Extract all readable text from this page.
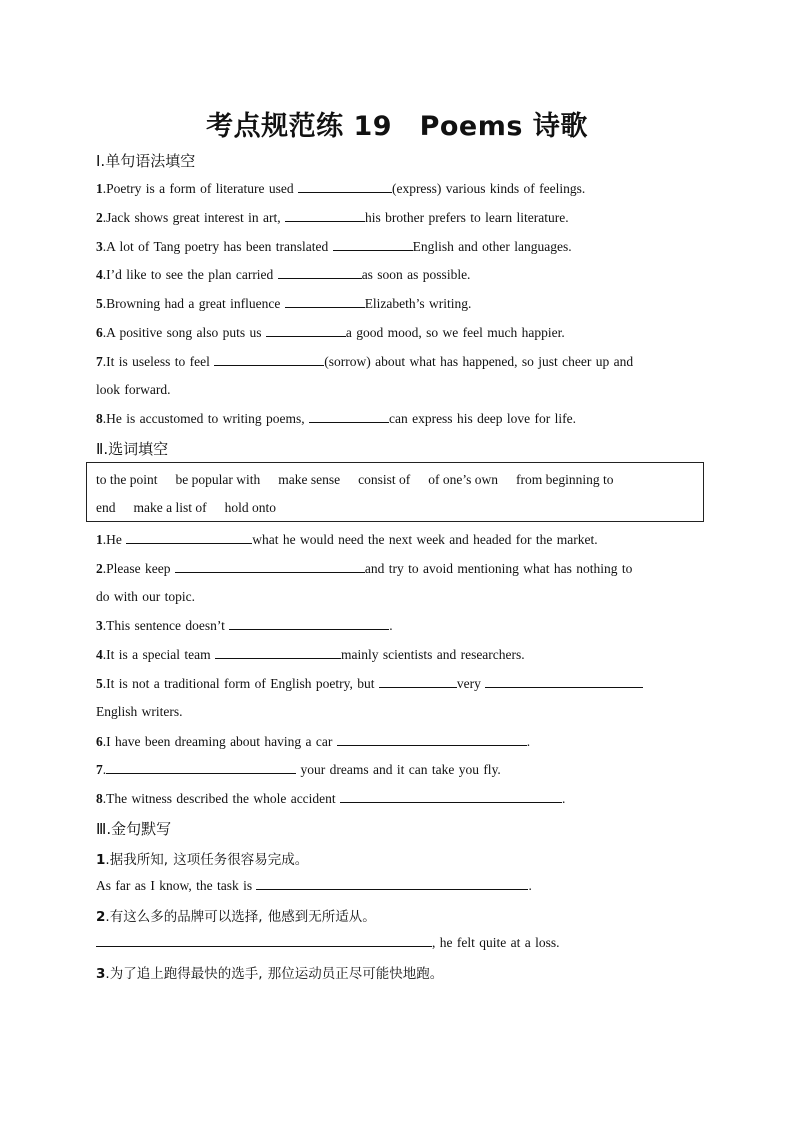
考点规范练 19　Poems 诗歌
Ⅰ.单句语法填空
1.Poetry is a form of literature used	(express) various kinds of feelings.
2.Jack shows great interest in art,	his brother prefers to learn literature.
3.A lot of Tang poetry has been translated	English and other languages.
4.I’d like to see the plan carried	as soon as possible.
5.Browning had a great influence	Elizabeth’s writing.
6.A positive song also puts us	a good mood, so we feel much happier.
7.It is useless to feel	(sorrow) about what has happened, so just cheer up and
look forward.
8.He is accustomed to writing poems,	can express his deep love for life.
Ⅱ.选词填空
to the point be popular with make sense consist of of one’s own from beginning to
end make a list of hold onto
1.He	what he would need the next week and headed for the market.
2.Please keep	and try to avoid mentioning what has nothing to
do with our topic.
3.This sentence doesn’t	.
4.It is a special team	mainly scientists and researchers.
5.It is not a traditional form of English poetry, but	very
English writers.
6.I have been dreaming about having a car	.
7.	your dreams and it can take you fly.
8.The witness described the whole accident	.
Ⅲ.金句默写
1.据我所知, 这项任务很容易完成。
As far as I know, the task is	.
2.有这么多的品牌可以选择, 他感到无所适从。
, he felt quite at a loss.
3.为了追上跑得最快的选手, 那位运动员正尽可能快地跑。
